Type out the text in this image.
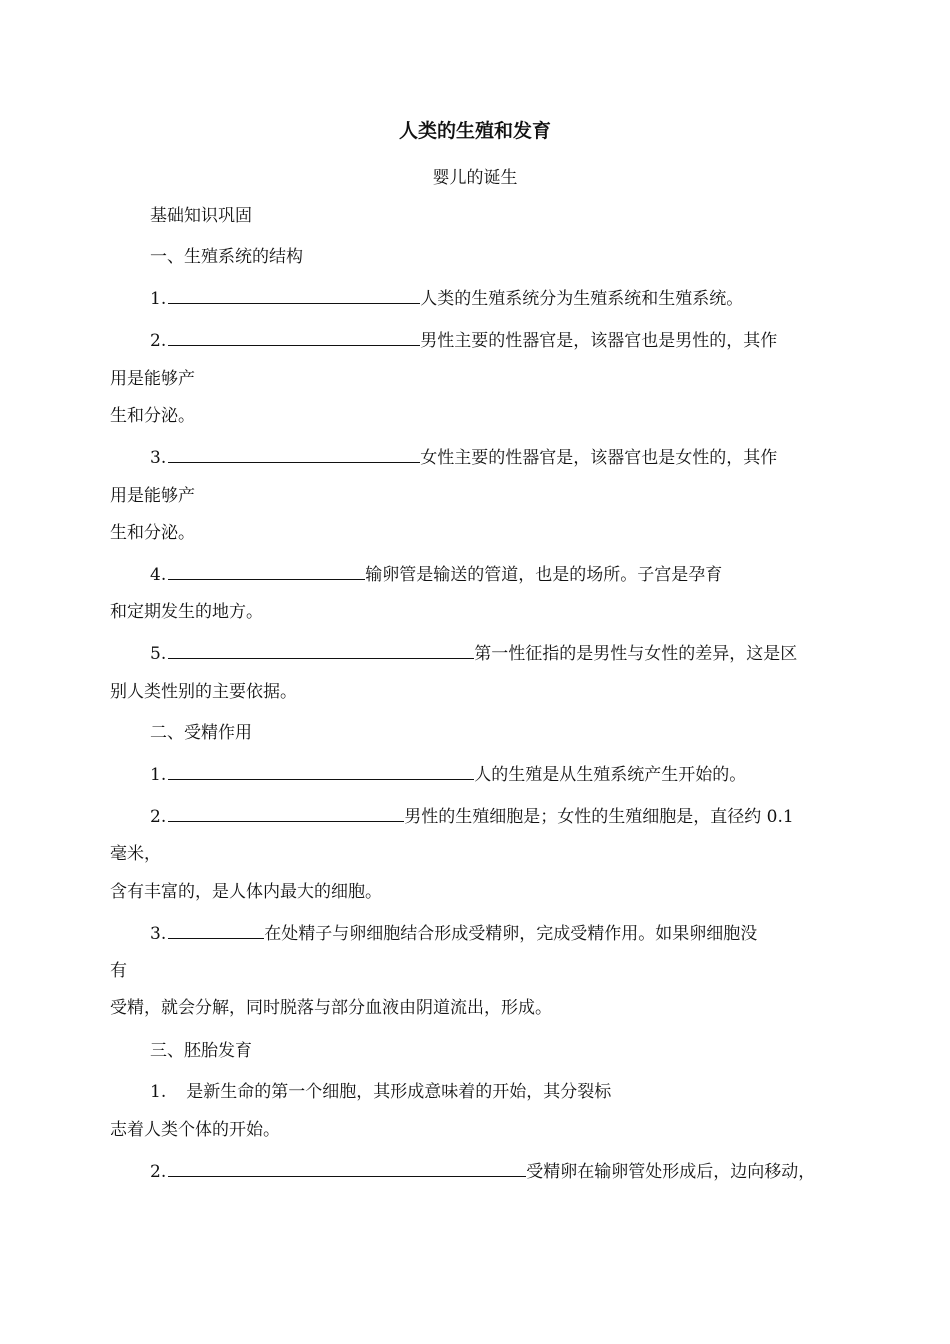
人类的生殖和发育
婴儿的诞生
基础知识巩固
一、生殖系统的结构
1.	人类的生殖系统分为生殖系统和生殖系统。
2.	男性主要的性器官是，该器官也是男性的，其作
用是能够产
生和分泌。
3.	女性主要的性器官是，该器官也是女性的，其作
用是能够产
生和分泌。
4.	输卵管是输送的管道，也是的场所。子宫是孕育
和定期发生的地方。
5.	第一性征指的是男性与女性的差异，这是区
别人类性别的主要依据。
二、受精作用
1.	人的生殖是从生殖系统产生开始的。
2.	男性的生殖细胞是；女性的生殖细胞是，直径约 0.1
毫米，
含有丰富的，是人体内最大的细胞。
3.	在处精子与卵细胞结合形成受精卵，完成受精作用。如果卵细胞没
有
受精，就会分解，同时脱落与部分血液由阴道流出，形成。
三、胚胎发育
1. 是新生命的第一个细胞，其形成意味着的开始，其分裂标
志着人类个体的开始。
2.	受精卵在输卵管处形成后，边向移动，
